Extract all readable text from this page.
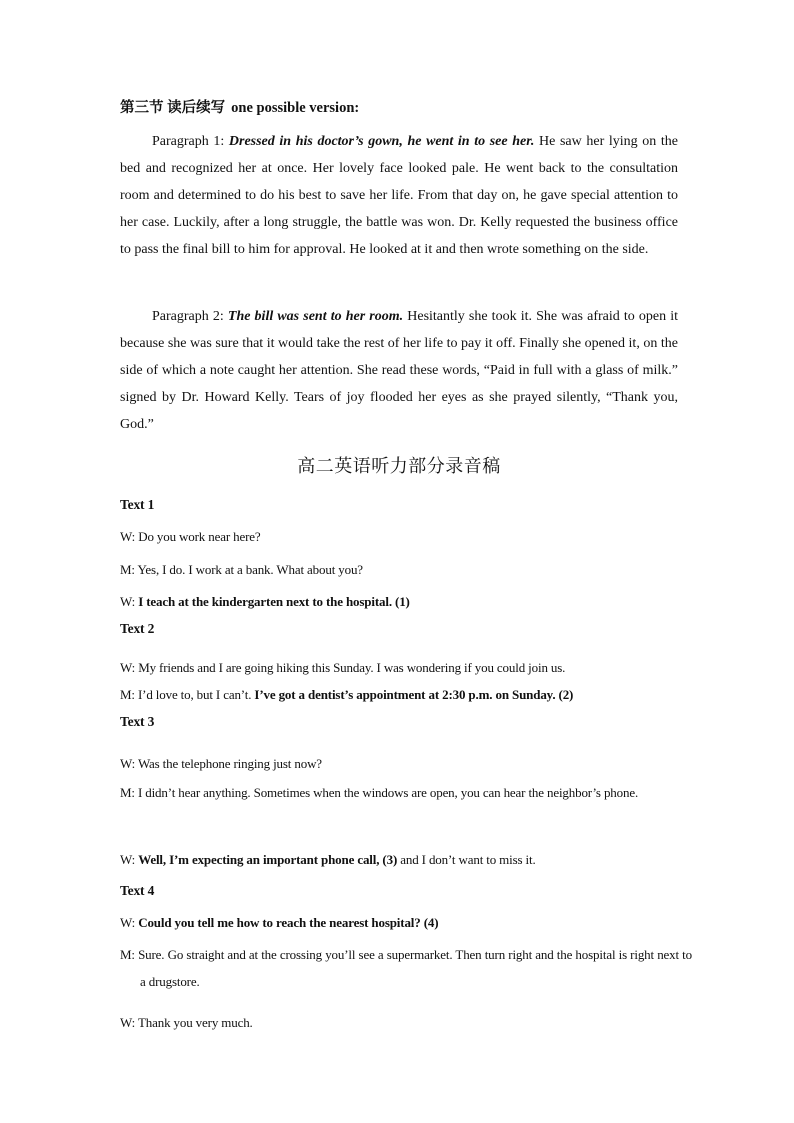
第三节 读后续写 one possible version:
Paragraph 1: Dressed in his doctor’s gown, he went in to see her. He saw her lying on the bed and recognized her at once. Her lovely face looked pale. He went back to the consultation room and determined to do his best to save her life. From that day on, he gave special attention to her case. Luckily, after a long struggle, the battle was won. Dr. Kelly requested the business office to pass the final bill to him for approval. He looked at it and then wrote something on the side.
Paragraph 2: The bill was sent to her room. Hesitantly she took it. She was afraid to open it because she was sure that it would take the rest of her life to pay it off. Finally she opened it, on the side of which a note caught her attention. She read these words, “Paid in full with a glass of milk.” signed by Dr. Howard Kelly. Tears of joy flooded her eyes as she prayed silently, “Thank you, God.”
高二英语听力部分录音稿
Text 1
W: Do you work near here?
M: Yes, I do. I work at a bank. What about you?
W: I teach at the kindergarten next to the hospital. (1)
Text 2
W: My friends and I are going hiking this Sunday. I was wondering if you could join us.
M: I’d love to, but I can’t. I’ve got a dentist’s appointment at 2:30 p.m. on Sunday. (2)
Text 3
W: Was the telephone ringing just now?
M: I didn’t hear anything. Sometimes when the windows are open, you can hear the neighbor’s phone.
W: Well, I’m expecting an important phone call, (3) and I don’t want to miss it.
Text 4
W: Could you tell me how to reach the nearest hospital? (4)
M: Sure. Go straight and at the crossing you’ll see a supermarket. Then turn right and the hospital is right next to a drugstore.
W: Thank you very much.
